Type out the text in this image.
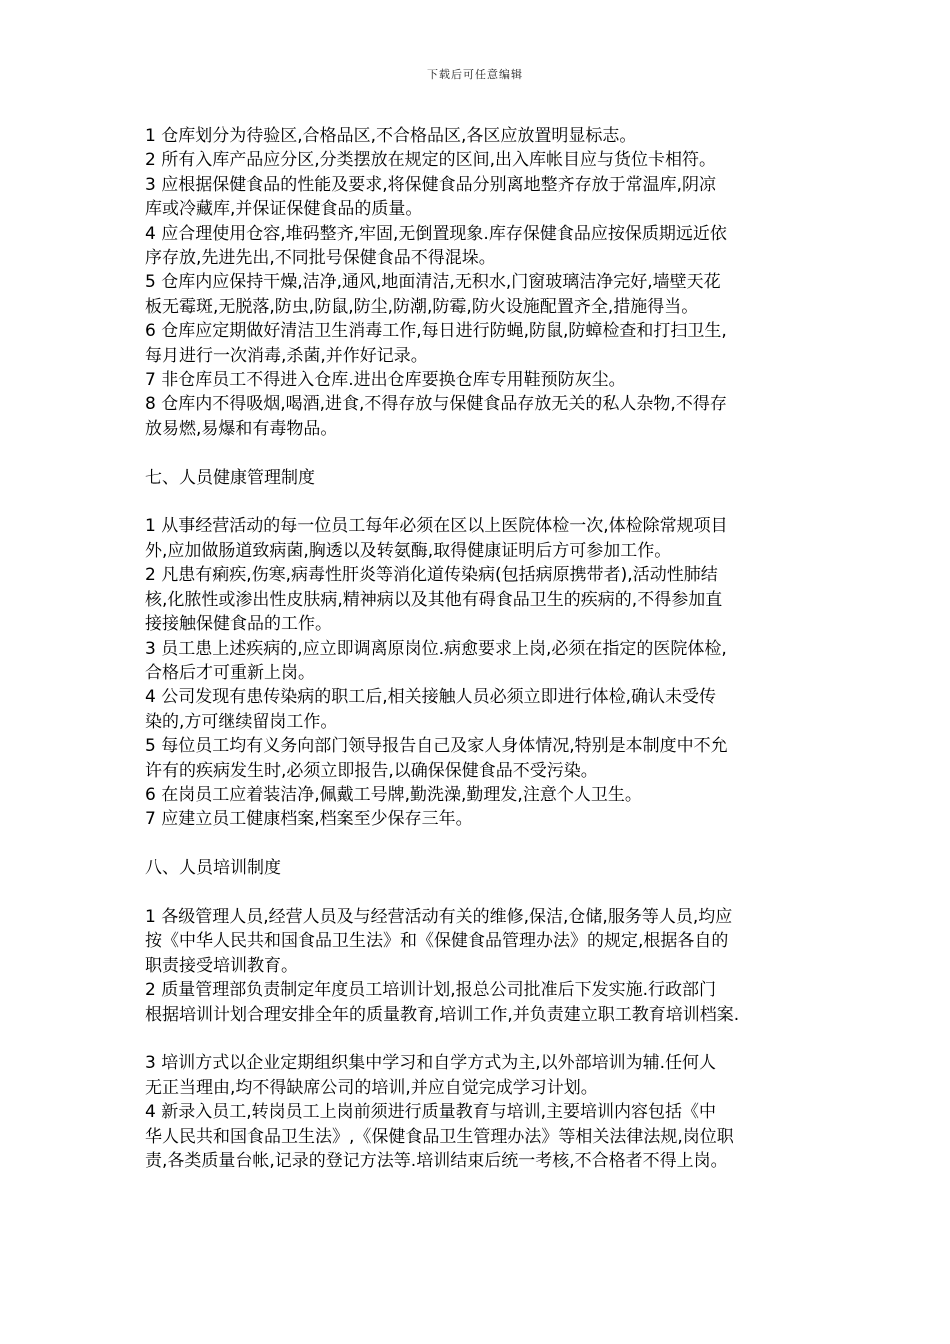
下载后可任意编辑

1 仓库划分为待验区,合格品区,不合格品区,各区应放置明显标志。

2 所有入库产品应分区,分类摆放在规定的区间,出入库帐目应与货位卡相符。

3 应根据保健食品的性能及要求,将保健食品分别离地整齐存放于常温库,阴凉

库或冷藏库,并保证保健食品的质量。

4 应合理使用仓容,堆码整齐,牢固,无倒置现象.库存保健食品应按保质期远近依

序存放,先进先出,不同批号保健食品不得混垛。

5 仓库内应保持干燥,洁净,通风,地面清洁,无积水,门窗玻璃洁净完好,墙壁天花

板无霉斑,无脱落,防虫,防鼠,防尘,防潮,防霉,防火设施配置齐全,措施得当。

6 仓库应定期做好清洁卫生消毒工作,每日进行防蝇,防鼠,防蟑检查和打扫卫生,

每月进行一次消毒,杀菌,并作好记录。

7 非仓库员工不得进入仓库.进出仓库要换仓库专用鞋预防灰尘。

8 仓库内不得吸烟,喝酒,进食,不得存放与保健食品存放无关的私人杂物,不得存

放易燃,易爆和有毒物品。

七、人员健康管理制度

1 从事经营活动的每一位员工每年必须在区以上医院体检一次,体检除常规项目

外,应加做肠道致病菌,胸透以及转氨酶,取得健康证明后方可参加工作。

2 凡患有痢疾,伤寒,病毒性肝炎等消化道传染病(包括病原携带者),活动性肺结

核,化脓性或渗出性皮肤病,精神病以及其他有碍食品卫生的疾病的,不得参加直

接接触保健食品的工作。

3 员工患上述疾病的,应立即调离原岗位.病愈要求上岗,必须在指定的医院体检,

合格后才可重新上岗。

4 公司发现有患传染病的职工后,相关接触人员必须立即进行体检,确认未受传

染的,方可继续留岗工作。

5 每位员工均有义务向部门领导报告自己及家人身体情况,特别是本制度中不允

许有的疾病发生时,必须立即报告,以确保保健食品不受污染。

6 在岗员工应着装洁净,佩戴工号牌,勤洗澡,勤理发,注意个人卫生。

7 应建立员工健康档案,档案至少保存三年。

八、人员培训制度

1 各级管理人员,经营人员及与经营活动有关的维修,保洁,仓储,服务等人员,均应

按《中华人民共和国食品卫生法》和《保健食品管理办法》的规定,根据各自的

职责接受培训教育。

2 质量管理部负责制定年度员工培训计划,报总公司批准后下发实施.行政部门

根据培训计划合理安排全年的质量教育,培训工作,并负责建立职工教育培训档案.

3 培训方式以企业定期组织集中学习和自学方式为主,以外部培训为辅.任何人

无正当理由,均不得缺席公司的培训,并应自觉完成学习计划。

4 新录入员工,转岗员工上岗前须进行质量教育与培训,主要培训内容包括《中

华人民共和国食品卫生法》,《保健食品卫生管理办法》等相关法律法规,岗位职

责,各类质量台帐,记录的登记方法等.培训结束后统一考核,不合格者不得上岗。
